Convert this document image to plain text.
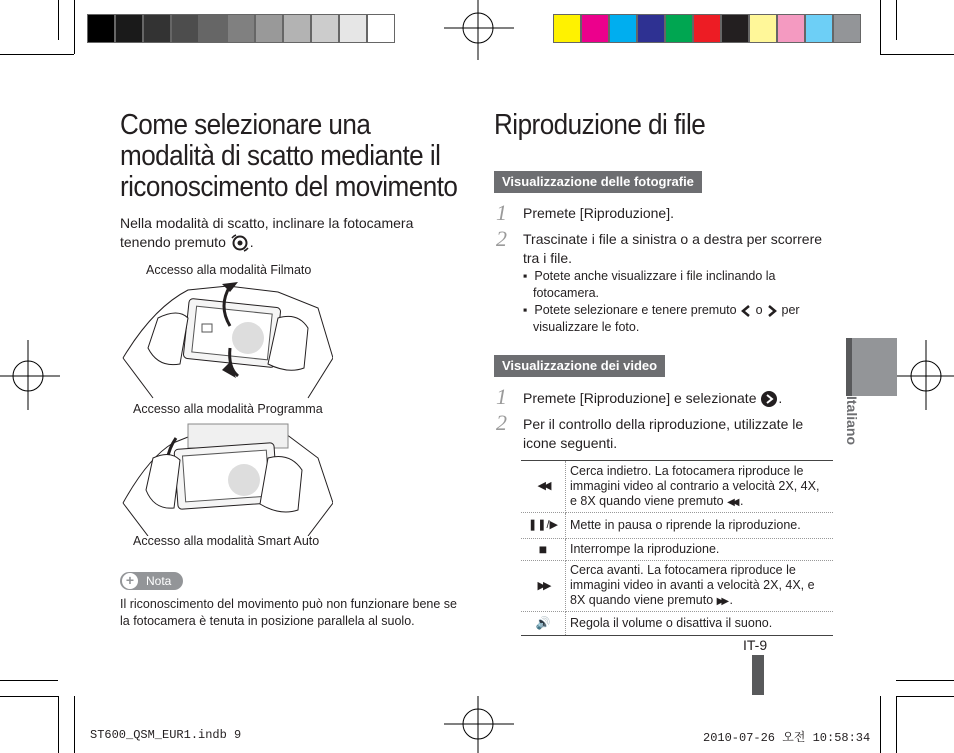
Come selezionare una
modalità di scatto mediante il
riconoscimento del movimento
Nella modalità di scatto, inclinare la fotocamera
tenendo premuto .
Accesso alla modalità Filmato
Accesso alla modalità Programma
Accesso alla modalità Smart Auto
+ Nota
Il riconoscimento del movimento può non funzionare bene se
la fotocamera è tenuta in posizione parallela al suolo.
Riproduzione di file
Visualizzazione delle fotografie
1 Premete [Riproduzione].
2 Trascinate i file a sinistra o a destra per scorrere
tra i file.
▪  Potete anche visualizzare i file inclinando la
fotocamera.
▪  Potete selezionare e tenere premuto o per
visualizzare le foto.
Visualizzazione dei video
1 Premete [Riproduzione] e selezionate .
2 Per il controllo della riproduzione, utilizzate le
icone seguenti.
◀◀	Cerca indietro. La fotocamera riproduce le immagini video al contrario a velocità 2X, 4X, e 8X quando viene premuto ◀◀ .
❚❚/▶	Mette in pausa o riprende la riproduzione.
■	Interrompe la riproduzione.
▶▶	Cerca avanti. La fotocamera riproduce le immagini video in avanti a velocità 2X, 4X, e 8X quando viene premuto ▶▶ .
🔊	Regola il volume o disattiva il suono.
IT-9
Italiano
ST600_QSM_EUR1.indb 9	2010-07-26 오전 10:58:34
